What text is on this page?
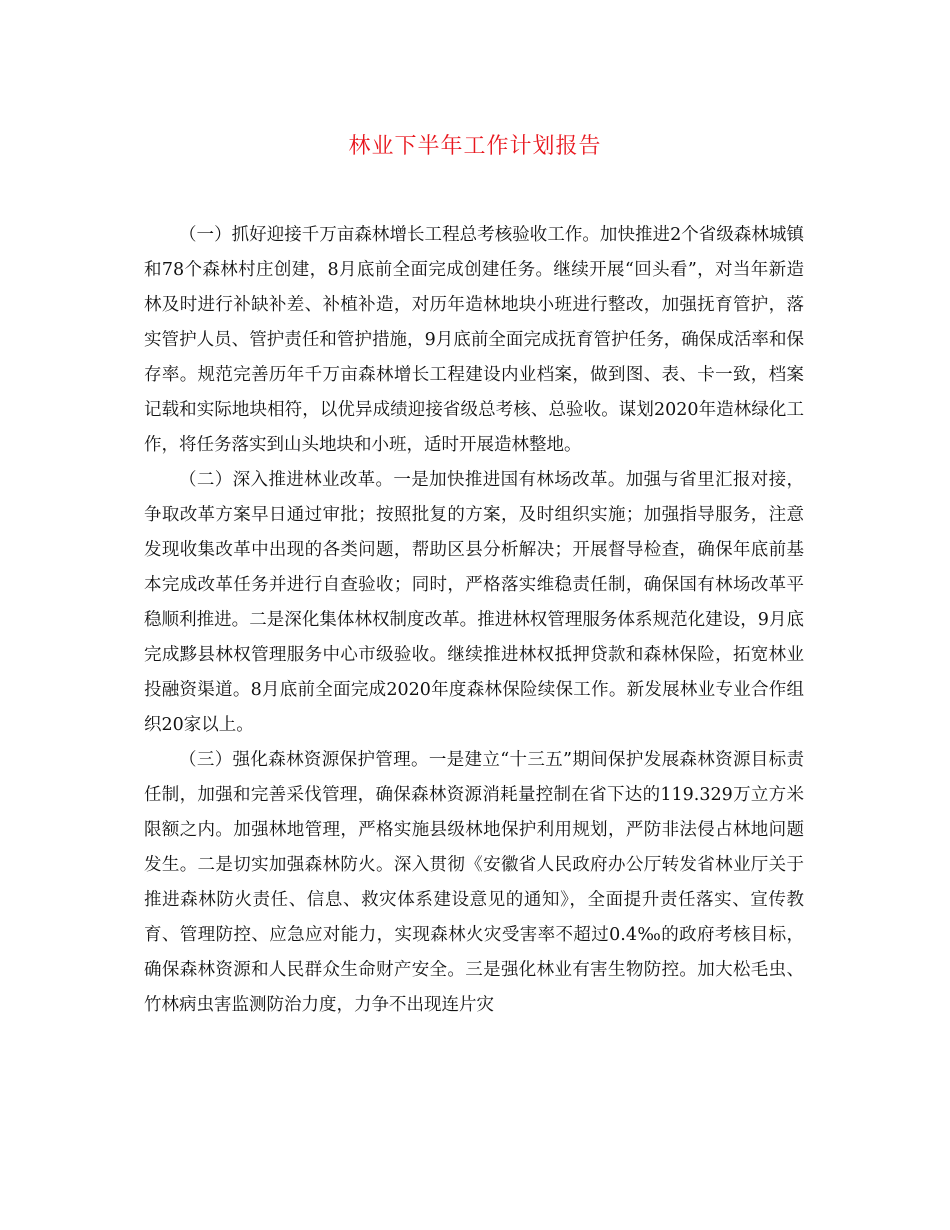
林业下半年工作计划报告

（一）抓好迎接千万亩森林增长工程总考核验收工作。加快推进2个省级森林城镇和78个森林村庄创建，8月底前全面完成创建任务。继续开展“回头看”，对当年新造林及时进行补缺补差、补植补造，对历年造林地块小班进行整改，加强抚育管护，落实管护人员、管护责任和管护措施，9月底前全面完成抚育管护任务，确保成活率和保存率。规范完善历年千万亩森林增长工程建设内业档案，做到图、表、卡一致，档案记载和实际地块相符，以优异成绩迎接省级总考核、总验收。谋划2020年造林绿化工作，将任务落实到山头地块和小班，适时开展造林整地。

（二）深入推进林业改革。一是加快推进国有林场改革。加强与省里汇报对接，争取改革方案早日通过审批；按照批复的方案，及时组织实施；加强指导服务，注意发现收集改革中出现的各类问题，帮助区县分析解决；开展督导检查，确保年底前基本完成改革任务并进行自查验收；同时，严格落实维稳责任制，确保国有林场改革平稳顺利推进。二是深化集体林权制度改革。推进林权管理服务体系规范化建设，9月底完成黟县林权管理服务中心市级验收。继续推进林权抵押贷款和森林保险，拓宽林业投融资渠道。8月底前全面完成2020年度森林保险续保工作。新发展林业专业合作组织20家以上。

（三）强化森林资源保护管理。一是建立“十三五”期间保护发展森林资源目标责任制，加强和完善采伐管理，确保森林资源消耗量控制在省下达的119.329万立方米限额之内。加强林地管理，严格实施县级林地保护利用规划，严防非法侵占林地问题发生。二是切实加强森林防火。深入贯彻《安徽省人民政府办公厅转发省林业厅关于推进森林防火责任、信息、救灾体系建设意见的通知》，全面提升责任落实、宣传教育、管理防控、应急应对能力，实现森林火灾受害率不超过0.4‰的政府考核目标，确保森林资源和人民群众生命财产安全。三是强化林业有害生物防控。加大松毛虫、竹林病虫害监测防治力度，力争不出现连片灾
